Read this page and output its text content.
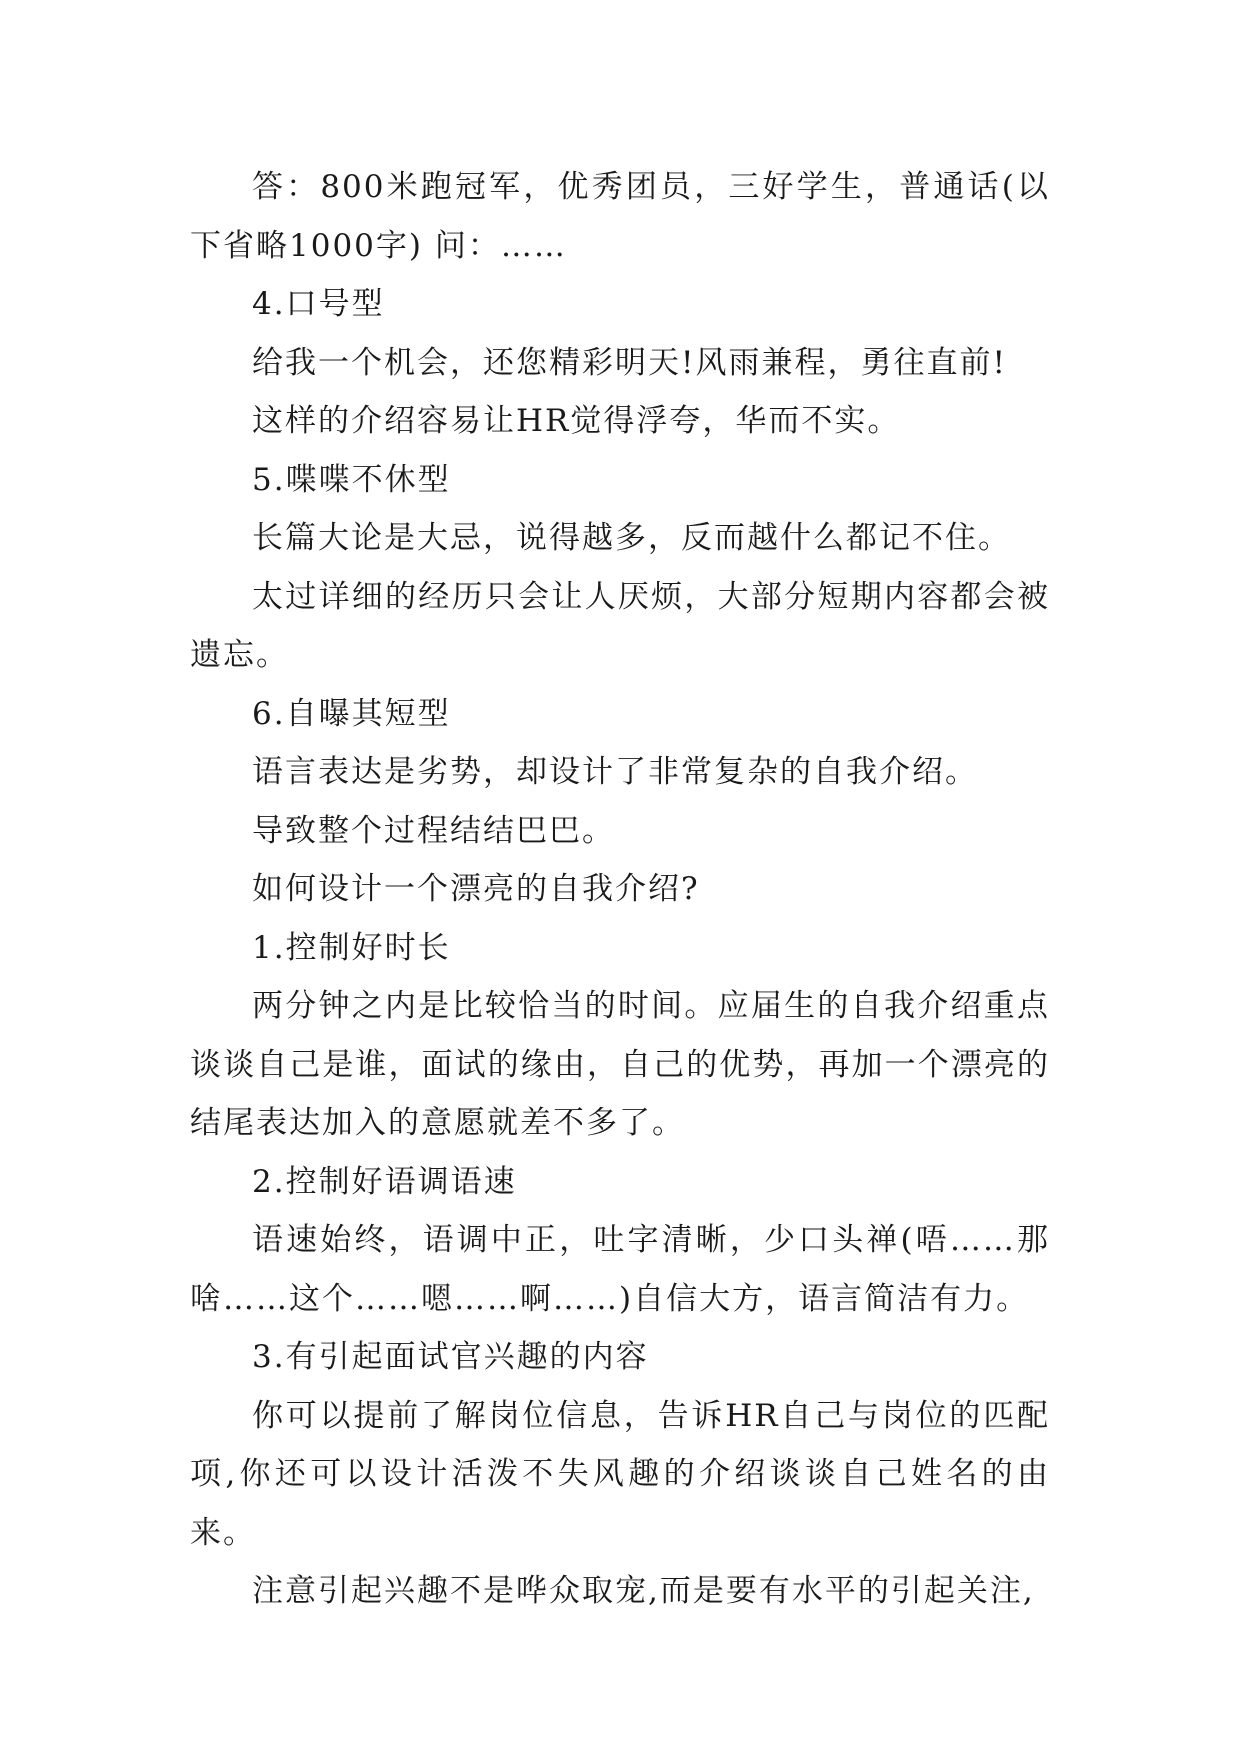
答：800米跑冠军，优秀团员，三好学生，普通话(以下省略1000字) 问：……

4.口号型

给我一个机会，还您精彩明天!风雨兼程，勇往直前!

这样的介绍容易让HR觉得浮夸，华而不实。

5.喋喋不休型

长篇大论是大忌，说得越多，反而越什么都记不住。

太过详细的经历只会让人厌烦，大部分短期内容都会被遗忘。

6.自曝其短型

语言表达是劣势，却设计了非常复杂的自我介绍。

导致整个过程结结巴巴。

如何设计一个漂亮的自我介绍?

1.控制好时长

两分钟之内是比较恰当的时间。应届生的自我介绍重点谈谈自己是谁，面试的缘由，自己的优势，再加一个漂亮的结尾表达加入的意愿就差不多了。

2.控制好语调语速

语速始终，语调中正，吐字清晰，少口头禅(唔……那啥……这个……嗯……啊……)自信大方，语言简洁有力。

3.有引起面试官兴趣的内容

你可以提前了解岗位信息，告诉HR自己与岗位的匹配项,你还可以设计活泼不失风趣的介绍谈谈自己姓名的由来。

注意引起兴趣不是哗众取宠,而是要有水平的引起关注,
